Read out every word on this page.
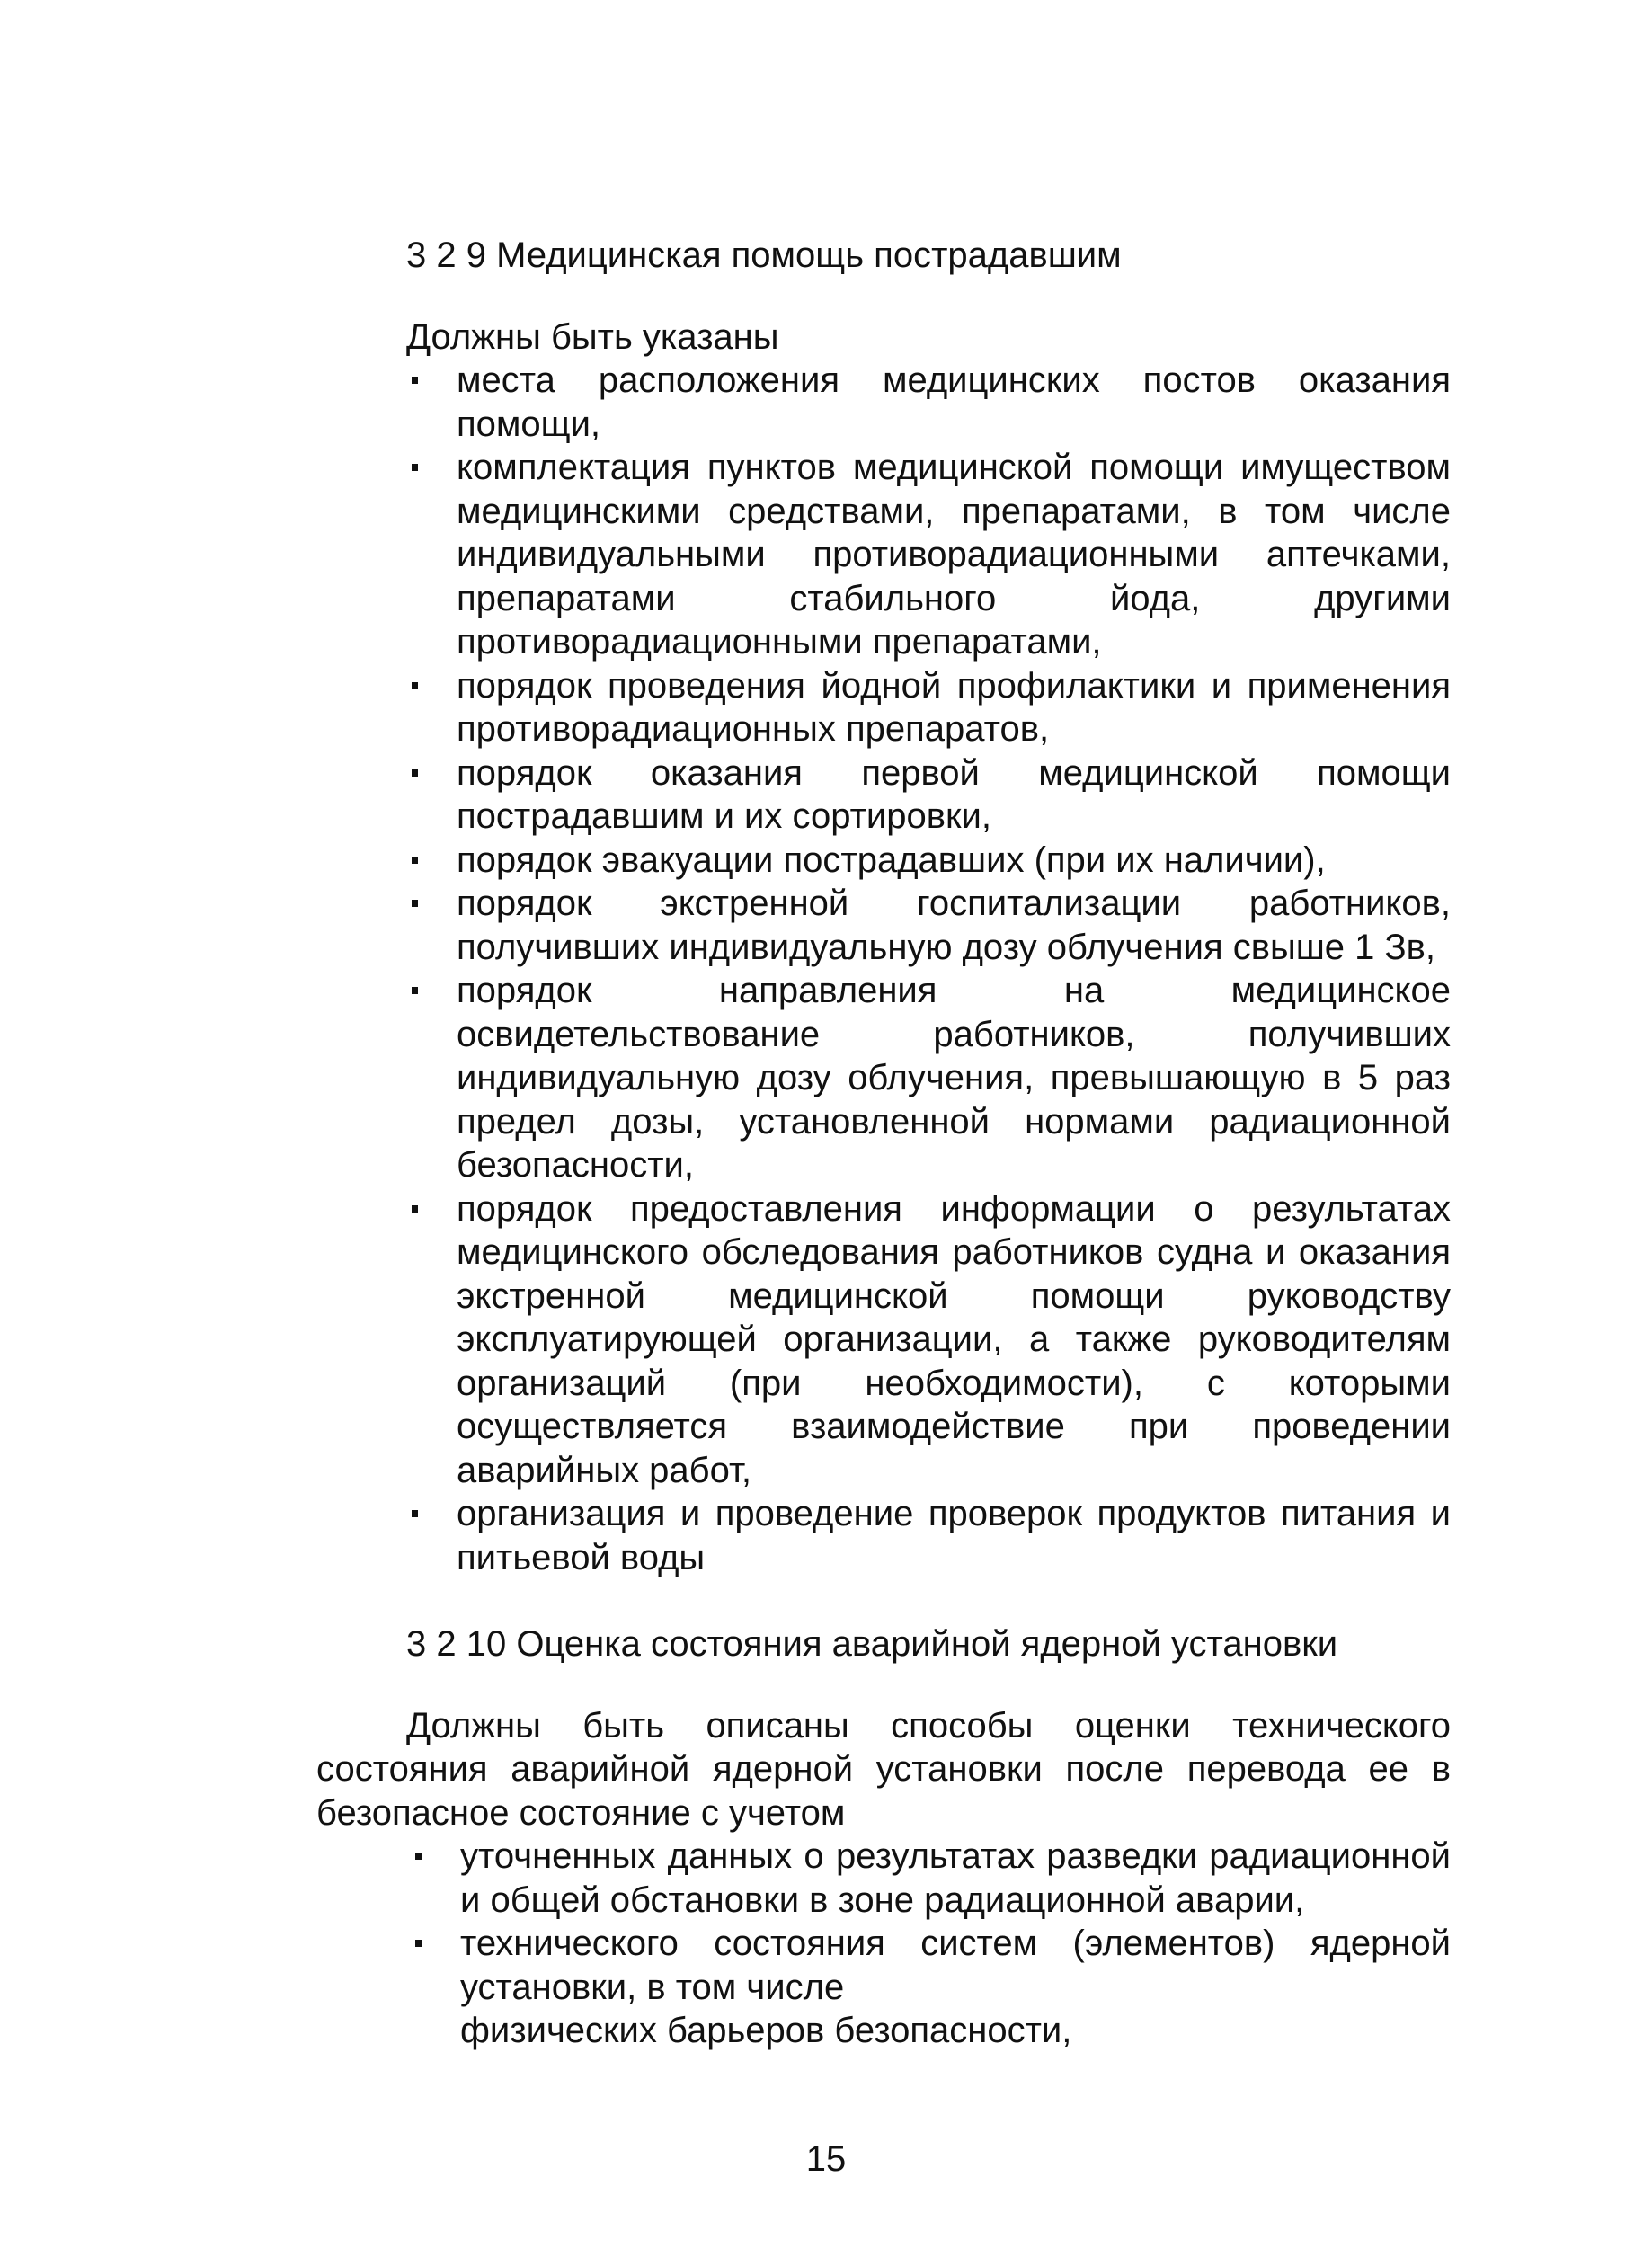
3 2 9 Медицинская помощь пострадавшим

Должны быть указаны

места расположения медицинских постов оказания помощи,
комплектация пунктов медицинской помощи имуществом медицинскими средствами, препаратами, в том числе индивидуальными противорадиационными аптечками, препаратами стабильного йода, другими противорадиационными препаратами,
порядок проведения йодной профилактики и применения противорадиационных препаратов,
порядок оказания первой медицинской помощи пострадавшим и их сортировки,
порядок эвакуации пострадавших (при их наличии),
порядок экстренной госпитализации работников, получивших индивидуальную дозу облучения свыше 1 Зв,
порядок направления на медицинское освидетельствование работников, получивших индивидуальную дозу облучения, превышающую в 5 раз предел дозы, установленной нормами радиационной безопасности,
порядок предоставления информации о результатах медицинского обследования работников судна и оказания экстренной медицинской помощи руководству эксплуатирующей организации, а также руководителям организаций (при необходимости), с которыми осуществляется взаимодействие при проведении аварийных работ,
организация и проведение проверок продуктов питания и питьевой воды
3 2 10 Оценка состояния аварийной ядерной установки

Должны быть описаны способы оценки технического состояния аварийной ядерной установки после перевода ее в безопасное состояние с учетом

уточненных данных о результатах разведки радиационной и общей обстановки в зоне радиационной аварии,
технического состояния систем (элементов) ядерной установки, в том числе

физических барьеров безопасности,

15
